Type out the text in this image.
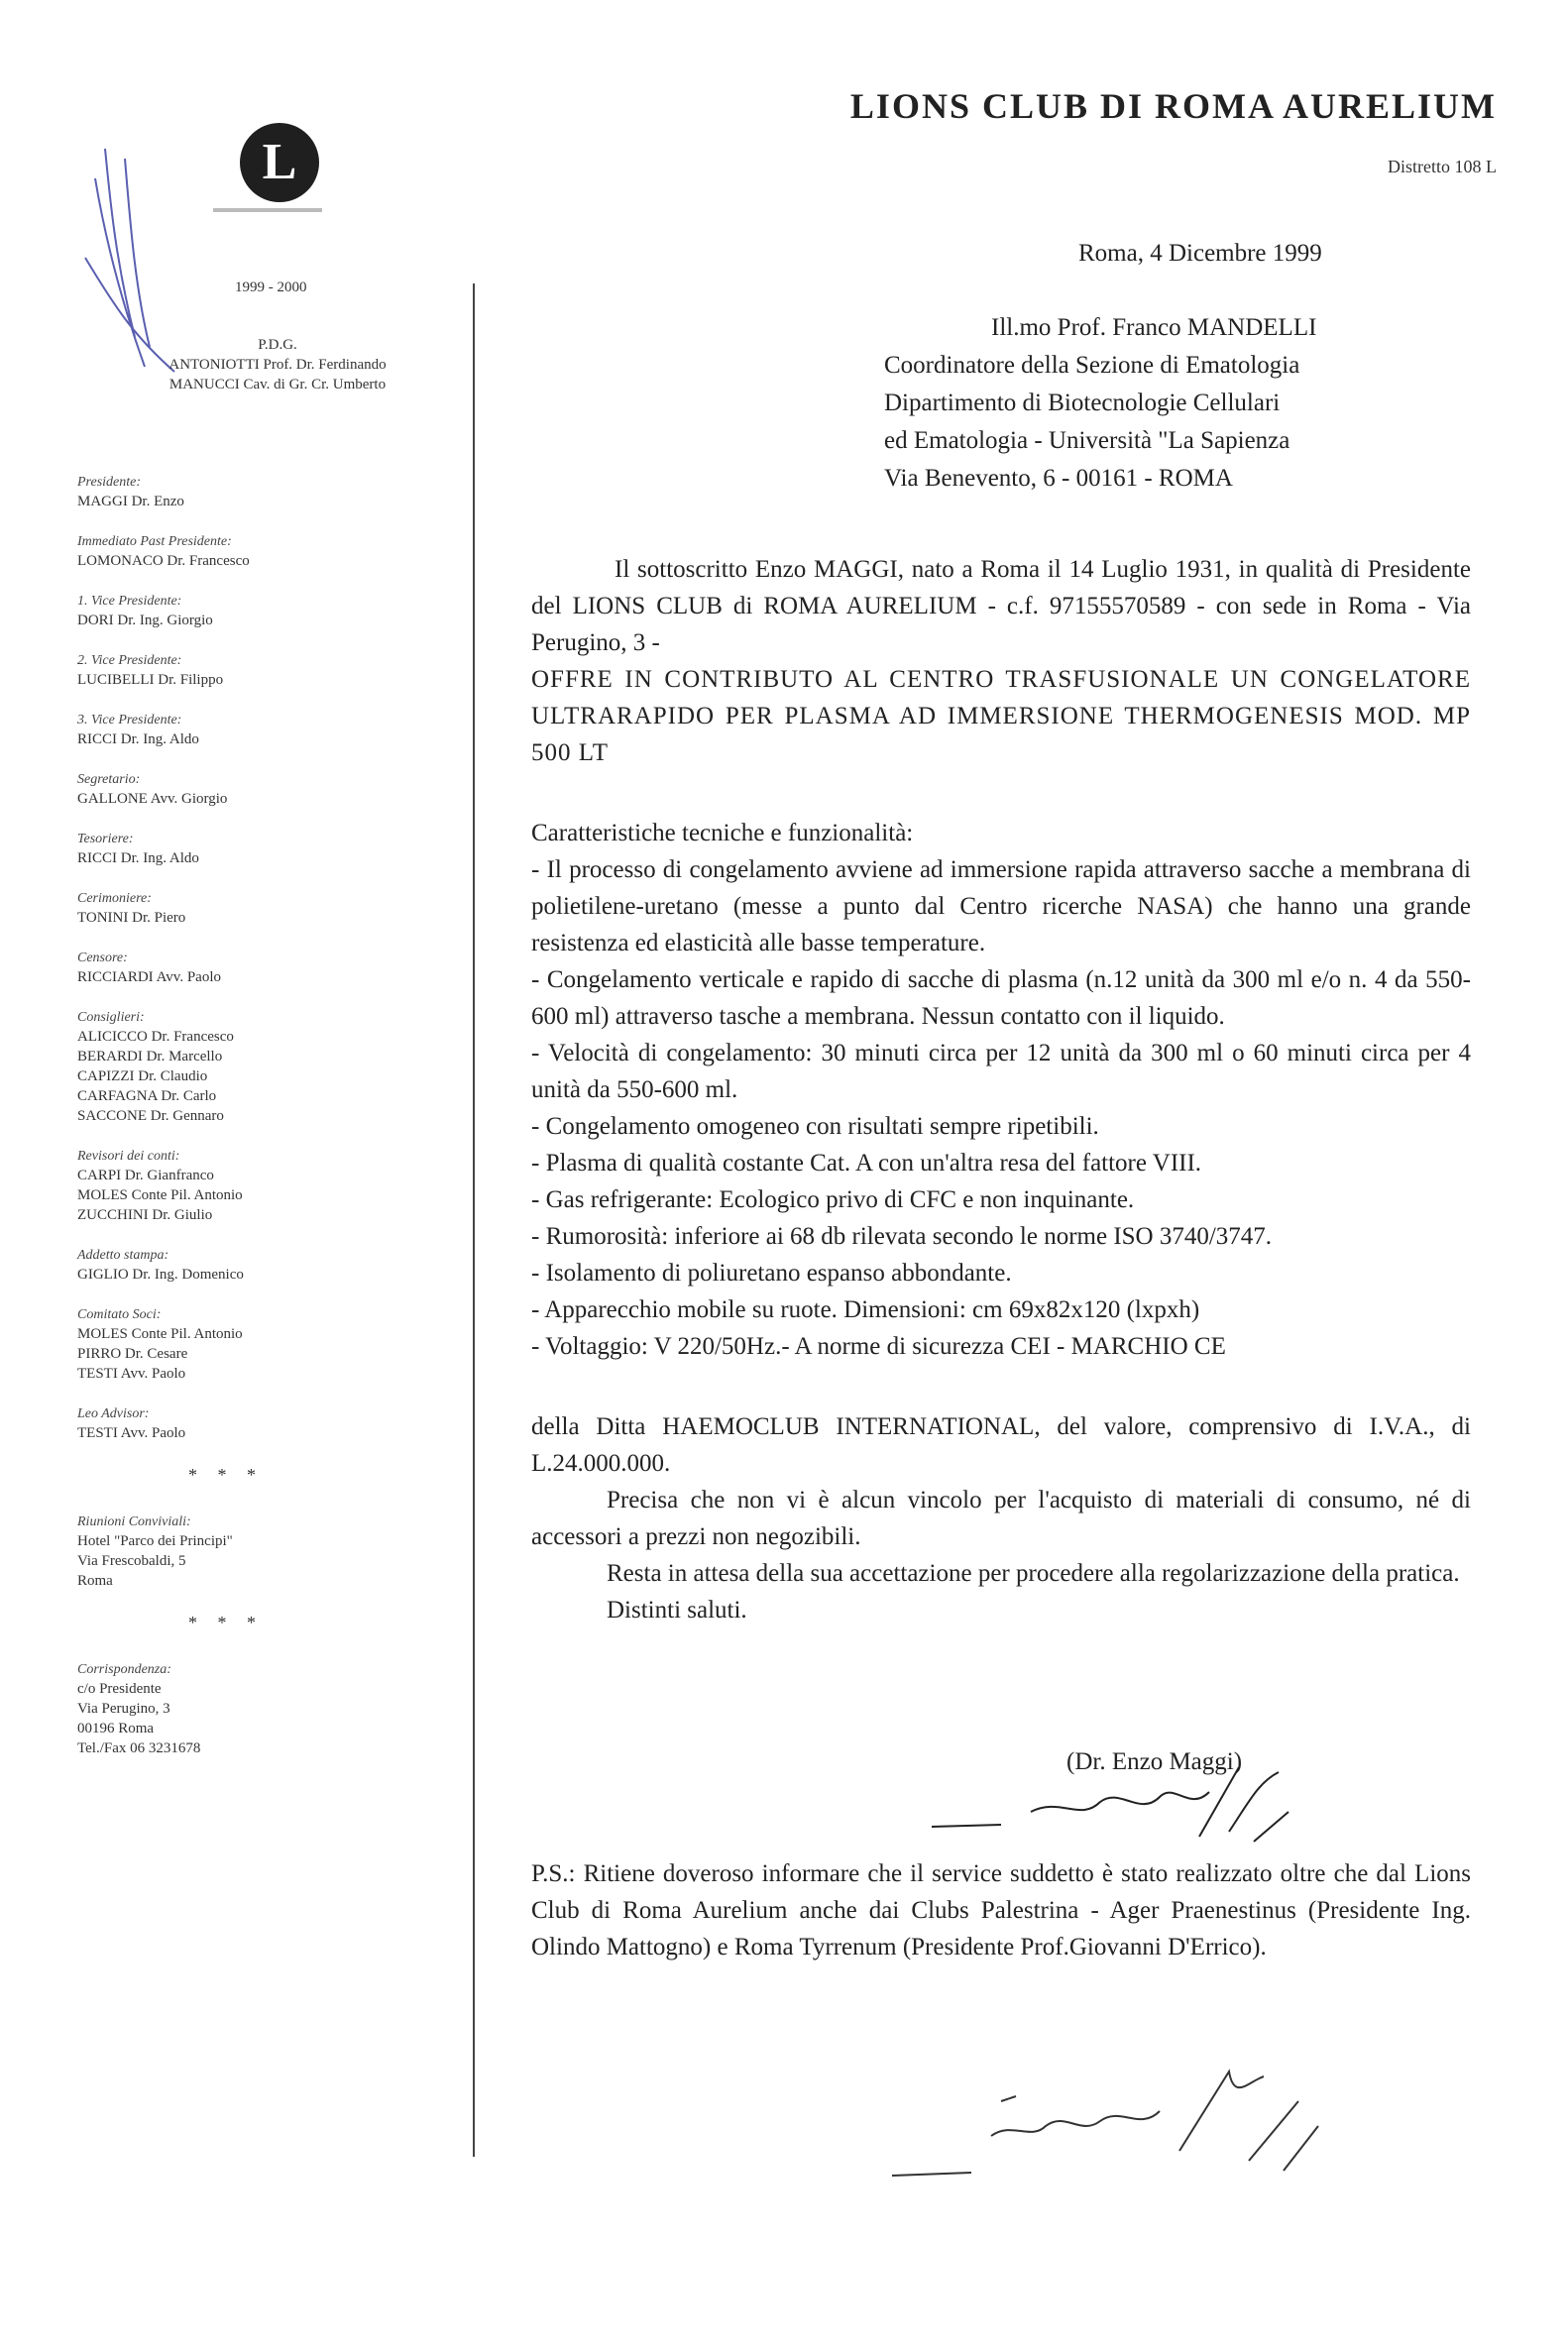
L
LIONS CLUB DI ROMA AURELIUM
Distretto 108 L
1999 - 2000
P.D.G.
ANTONIOTTI Prof. Dr. Ferdinando
MANUCCI Cav. di Gr. Cr. Umberto
Presidente:
MAGGI Dr. Enzo
Immediato Past Presidente:
LOMONACO Dr. Francesco
1. Vice Presidente:
DORI Dr. Ing. Giorgio
2. Vice Presidente:
LUCIBELLI Dr. Filippo
3. Vice Presidente:
RICCI Dr. Ing. Aldo
Segretario:
GALLONE Avv. Giorgio
Tesoriere:
RICCI Dr. Ing. Aldo
Cerimoniere:
TONINI Dr. Piero
Censore:
RICCIARDI Avv. Paolo
Consiglieri:
ALICICCO Dr. Francesco
BERARDI Dr. Marcello
CAPIZZI Dr. Claudio
CARFAGNA Dr. Carlo
SACCONE Dr. Gennaro
Revisori dei conti:
CARPI Dr. Gianfranco
MOLES Conte Pil. Antonio
ZUCCHINI Dr. Giulio
Addetto stampa:
GIGLIO Dr. Ing. Domenico
Comitato Soci:
MOLES Conte Pil. Antonio
PIRRO Dr. Cesare
TESTI Avv. Paolo
Leo Advisor:
TESTI Avv. Paolo
* * *
Riunioni Conviviali:
Hotel "Parco dei Principi"
Via Frescobaldi, 5
Roma
* * *
Corrispondenza:
c/o Presidente
Via Perugino, 3
00196 Roma
Tel./Fax 06 3231678
Roma, 4 Dicembre 1999
Ill.mo Prof. Franco MANDELLI
Coordinatore della Sezione di Ematologia
Dipartimento di Biotecnologie Cellulari
ed Ematologia - Università "La Sapienza
Via Benevento, 6 - 00161 - ROMA

Il sottoscritto Enzo MAGGI, nato a Roma il 14 Luglio 1931, in qualità di Presidente del LIONS CLUB di ROMA AURELIUM - c.f. 97155570589 - con sede in Roma - Via Perugino, 3 -

OFFRE IN CONTRIBUTO AL CENTRO TRASFUSIONALE UN CONGELATORE ULTRARAPIDO PER PLASMA AD IMMERSIONE THERMOGENESIS MOD. MP 500 LT

Caratteristiche tecniche e funzionalità:

- Il processo di congelamento avviene ad immersione rapida attraverso sacche a membrana di polietilene-uretano (messe a punto dal Centro ricerche NASA) che hanno una grande resistenza ed elasticità alle basse temperature.

- Congelamento verticale e rapido di sacche di plasma (n.12 unità da 300 ml e/o n. 4 da 550-600 ml) attraverso tasche a membrana. Nessun contatto con il liquido.

- Velocità di congelamento: 30 minuti circa per 12 unità da 300 ml o 60 minuti circa per 4 unità da 550-600 ml.

- Congelamento omogeneo con risultati sempre ripetibili.

- Plasma di qualità costante Cat. A con un'altra resa del fattore VIII.

- Gas refrigerante: Ecologico privo di CFC e non inquinante.

- Rumorosità: inferiore ai 68 db rilevata secondo le norme ISO 3740/3747.

- Isolamento di poliuretano espanso abbondante.

- Apparecchio mobile su ruote. Dimensioni: cm 69x82x120 (lxpxh)

- Voltaggio: V 220/50Hz.- A norme di sicurezza CEI - MARCHIO CE

della Ditta HAEMOCLUB INTERNATIONAL, del valore, comprensivo di I.V.A., di L.24.000.000.

Precisa che non vi è alcun vincolo per l'acquisto di materiali di consumo, né di accessori a prezzi non negozibili.

Resta in attesa della sua accettazione per procedere alla regolarizzazione della pratica.

Distinti saluti.

(Dr. Enzo Maggi)
P.S.: Ritiene doveroso informare che il service suddetto è stato realizzato oltre che dal Lions Club di Roma Aurelium anche dai Clubs Palestrina - Ager Praenestinus (Presidente Ing. Olindo Mattogno) e Roma Tyrrenum (Presidente Prof.Giovanni D'Errico).
